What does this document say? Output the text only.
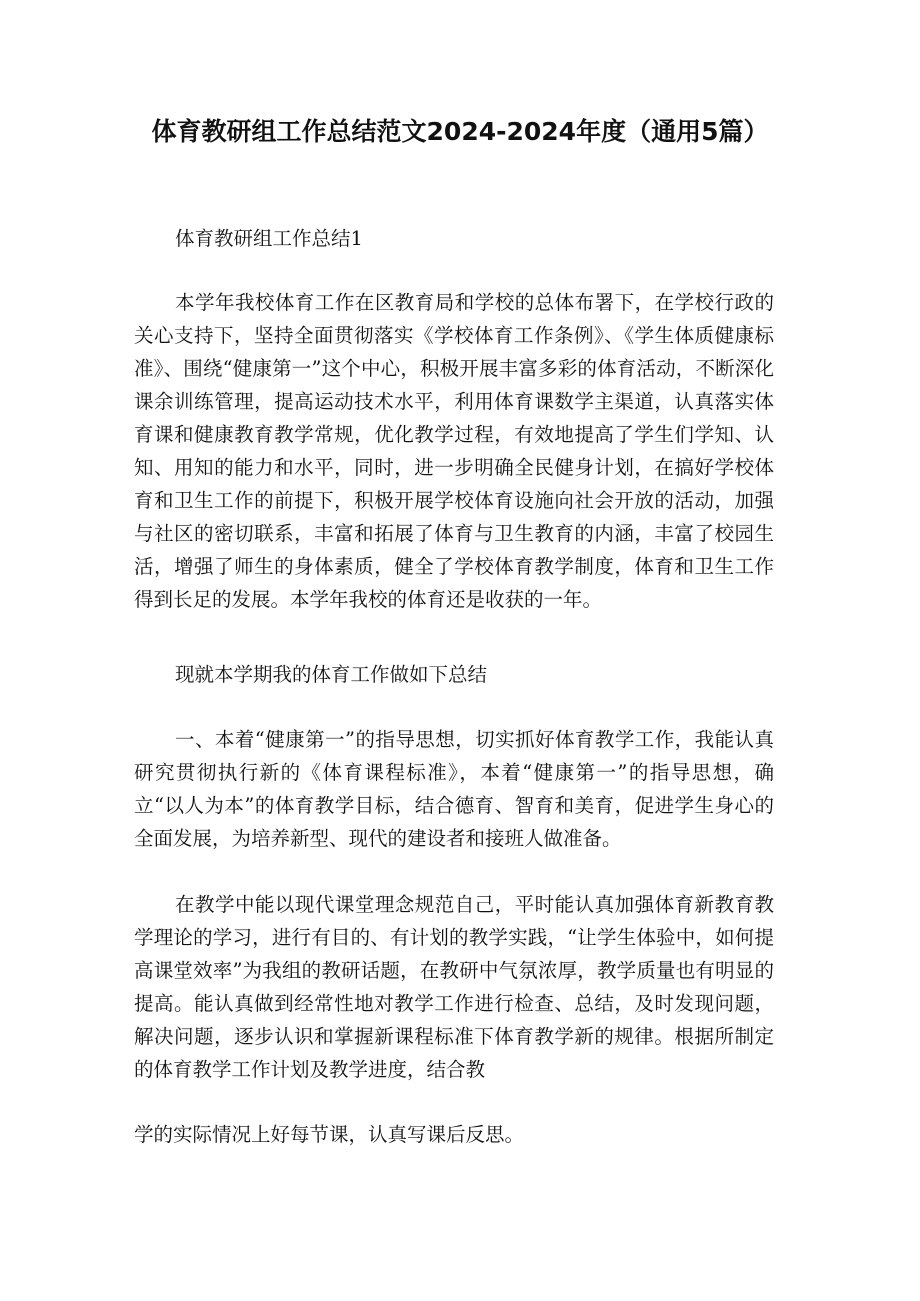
体育教研组工作总结范文2024-2024年度（通用5篇）

体育教研组工作总结1

本学年我校体育工作在区教育局和学校的总体布署下，在学校行政的关心支持下，坚持全面贯彻落实《学校体育工作条例》、《学生体质健康标准》、围绕“健康第一”这个中心，积极开展丰富多彩的体育活动，不断深化课余训练管理，提高运动技术水平，利用体育课数学主渠道，认真落实体育课和健康教育教学常规，优化教学过程，有效地提高了学生们学知、认知、用知的能力和水平，同时，进一步明确全民健身计划，在搞好学校体育和卫生工作的前提下，积极开展学校体育设施向社会开放的活动，加强与社区的密切联系，丰富和拓展了体育与卫生教育的内涵，丰富了校园生活，增强了师生的身体素质，健全了学校体育教学制度，体育和卫生工作得到长足的发展。本学年我校的体育还是收获的一年。

现就本学期我的体育工作做如下总结

一、本着“健康第一”的指导思想，切实抓好体育教学工作，我能认真研究贯彻执行新的《体育课程标准》，本着“健康第一”的指导思想，确立“以人为本”的体育教学目标，结合德育、智育和美育，促进学生身心的全面发展，为培养新型、现代的建设者和接班人做准备。

在教学中能以现代课堂理念规范自己，平时能认真加强体育新教育教学理论的学习，进行有目的、有计划的教学实践，“让学生体验中，如何提高课堂效率”为我组的教研话题，在教研中气氛浓厚，教学质量也有明显的提高。能认真做到经常性地对教学工作进行检查、总结，及时发现问题，解决问题，逐步认识和掌握新课程标准下体育教学新的规律。根据所制定的体育教学工作计划及教学进度，结合教

学的实际情况上好每节课，认真写课后反思。
